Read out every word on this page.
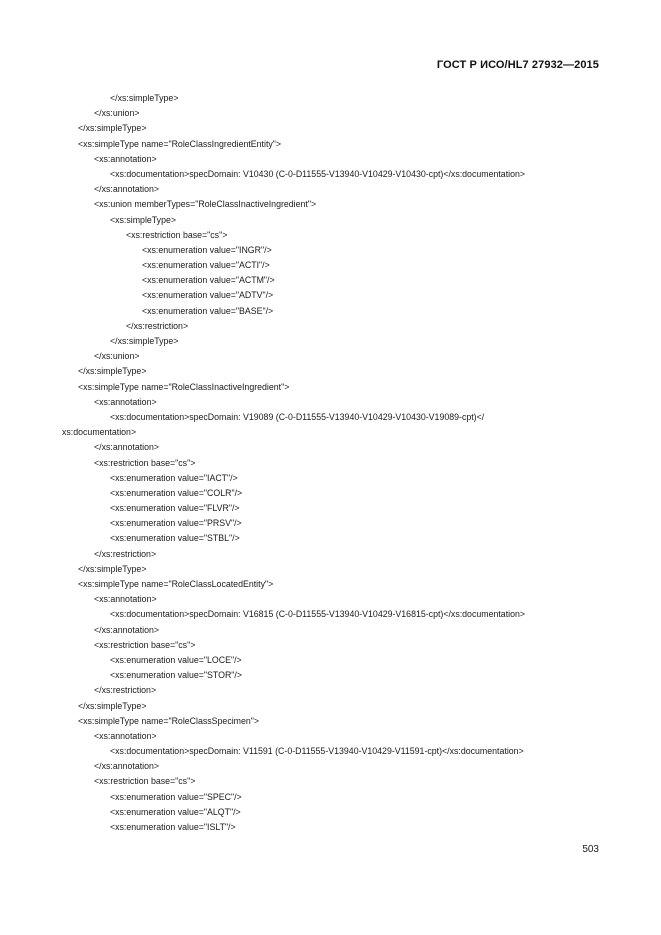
ГОСТ Р ИСО/HL7 27932—2015
</xs:simpleType>
</xs:union>
</xs:simpleType>
<xs:simpleType name="RoleClassIngredientEntity">
<xs:annotation>
<xs:documentation>specDomain: V10430 (C-0-D11555-V13940-V10429-V10430-cpt)</xs:documentation>
</xs:annotation>
<xs:union memberTypes="RoleClassInactiveIngredient">
<xs:simpleType>
<xs:restriction base="cs">
<xs:enumeration value="INGR"/>
<xs:enumeration value="ACTI"/>
<xs:enumeration value="ACTM"/>
<xs:enumeration value="ADTV"/>
<xs:enumeration value="BASE"/>
</xs:restriction>
</xs:simpleType>
</xs:union>
</xs:simpleType>
<xs:simpleType name="RoleClassInactiveIngredient">
<xs:annotation>
<xs:documentation>specDomain: V19089 (C-0-D11555-V13940-V10429-V10430-V19089-cpt)</
xs:documentation>
</xs:annotation>
<xs:restriction base="cs">
<xs:enumeration value="IACT"/>
<xs:enumeration value="COLR"/>
<xs:enumeration value="FLVR"/>
<xs:enumeration value="PRSV"/>
<xs:enumeration value="STBL"/>
</xs:restriction>
</xs:simpleType>
<xs:simpleType name="RoleClassLocatedEntity">
<xs:annotation>
<xs:documentation>specDomain: V16815 (C-0-D11555-V13940-V10429-V16815-cpt)</xs:documentation>
</xs:annotation>
<xs:restriction base="cs">
<xs:enumeration value="LOCE"/>
<xs:enumeration value="STOR"/>
</xs:restriction>
</xs:simpleType>
<xs:simpleType name="RoleClassSpecimen">
<xs:annotation>
<xs:documentation>specDomain: V11591 (C-0-D11555-V13940-V10429-V11591-cpt)</xs:documentation>
</xs:annotation>
<xs:restriction base="cs">
<xs:enumeration value="SPEC"/>
<xs:enumeration value="ALQT"/>
<xs:enumeration value="ISLT"/>
503
